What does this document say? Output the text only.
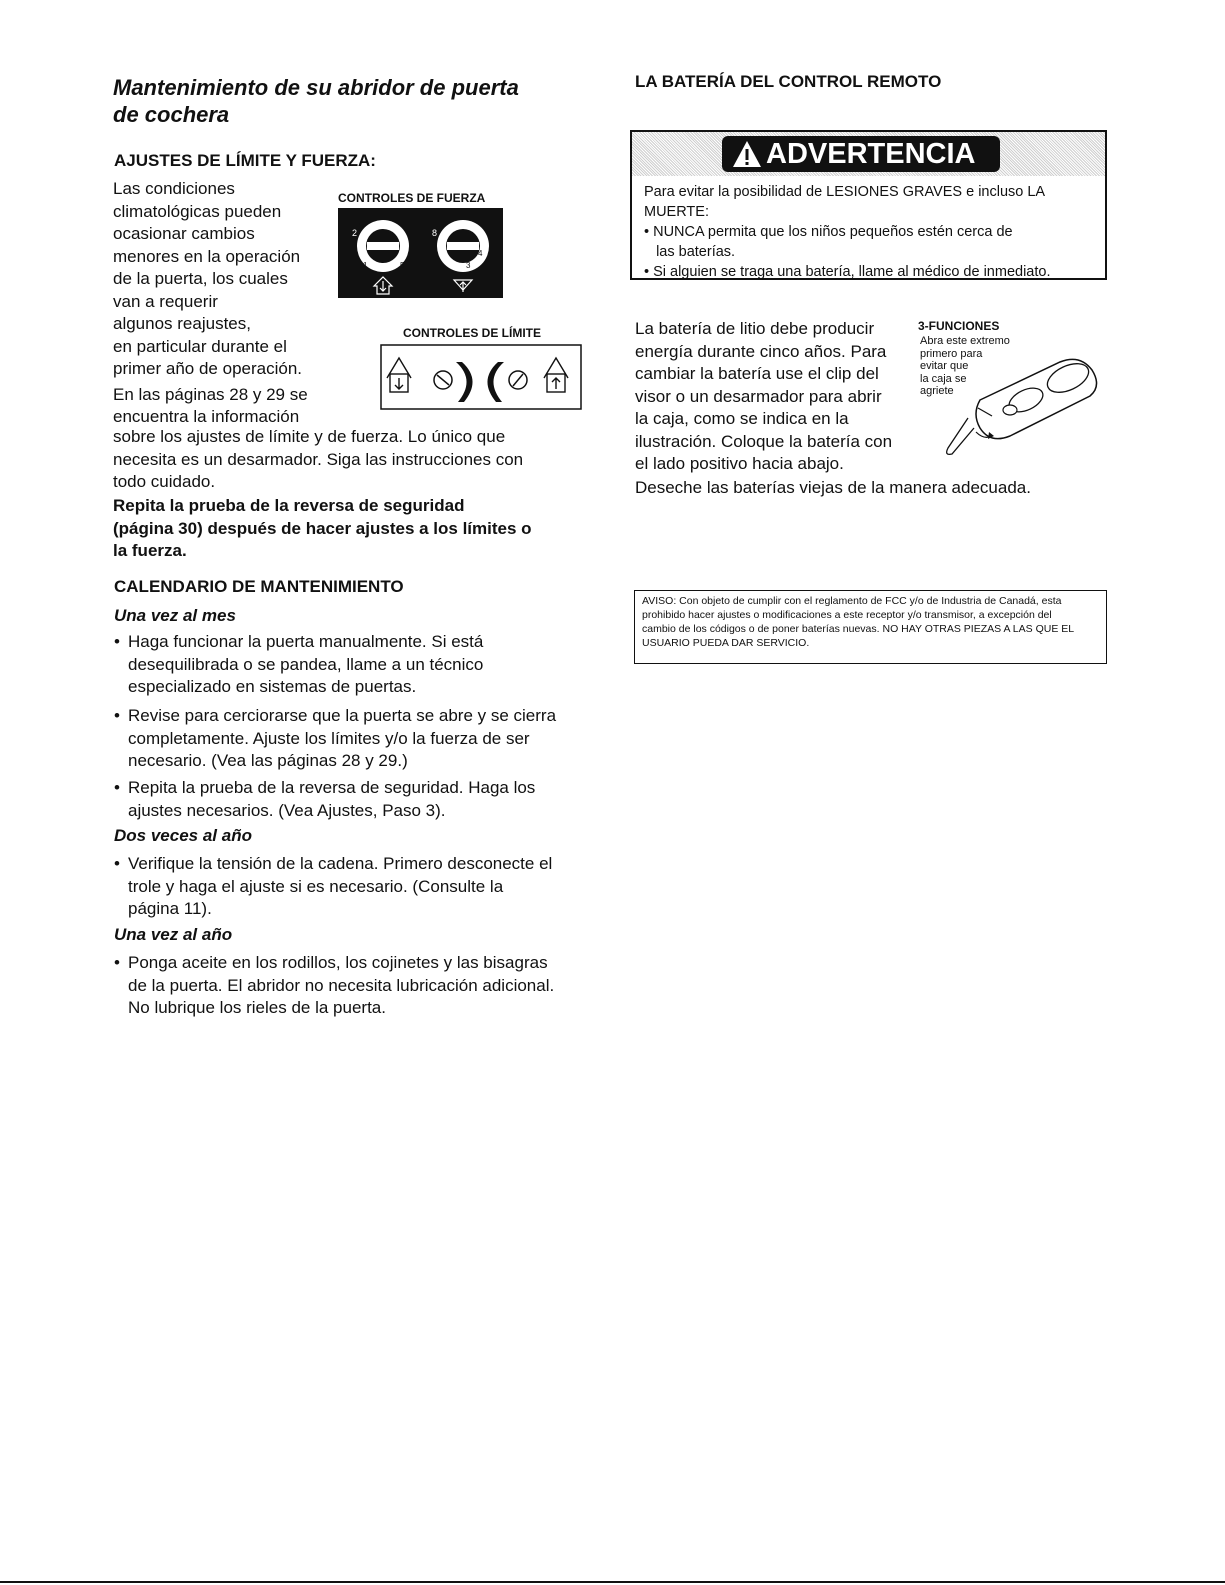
Mantenimiento de su abridor de puerta
de cochera
AJUSTES DE LÍMITE Y FUERZA:
Las condiciones
climatológicas pueden
ocasionar cambios
menores en la operación
de la puerta, los cuales
van a requerir
algunos reajustes,
en particular durante el
primer año de operación.
En las páginas 28 y 29 se
encuentra la información
sobre los ajustes de límite y de fuerza. Lo único que
necesita es un desarmador. Siga las instrucciones con
todo cuidado.
Repita la prueba de la reversa de seguridad
(página 30) después de hacer ajustes a los límites o
la fuerza.
CONTROLES DE FUERZA
2
1	5
8
3
4
CONTROLES DE LÍMITE
CALENDARIO DE MANTENIMIENTO
Una vez al mes
• Haga funcionar la puerta manualmente. Si está
desequilibrada o se pandea, llame a un técnico
especializado en sistemas de puertas.
• Revise para cerciorarse que la puerta se abre y se cierra
completamente. Ajuste los límites y/o la fuerza de ser
necesario. (Vea las páginas 28 y 29.)
• Repita la prueba de la reversa de seguridad. Haga los
ajustes necesarios. (Vea Ajustes, Paso 3).
Dos veces al año
• Verifique la tensión de la cadena. Primero desconecte el
trole y haga el ajuste si es necesario. (Consulte la
página 11).
Una vez al año
• Ponga aceite en los rodillos, los cojinetes y las bisagras
de la puerta. El abridor no necesita lubricación adicional.
No lubrique los rieles de la puerta.
LA BATERÍA DEL CONTROL REMOTO
ADVERTENCIA
Para evitar la posibilidad de LESIONES GRAVES e incluso LA MUERTE:
• NUNCA permita que los niños pequeños estén cerca de
las baterías.
• Si alguien se traga una batería, llame al médico de inmediato.
La batería de litio debe producir
energía durante cinco años. Para
cambiar la batería use el clip del
visor o un desarmador para abrir
la caja, como se indica en la
ilustración. Coloque la batería con
el lado positivo hacia abajo.
Deseche las baterías viejas de la manera adecuada.
3-FUNCIONES
Abra este extremo
primero para
evitar que
la caja se
agriete
AVISO: Con objeto de cumplir con el reglamento de FCC y/o de Industria de Canadá, esta
prohibido hacer ajustes o modificaciones a este receptor y/o transmisor, a excepción del
cambio de los códigos o de poner baterías nuevas. NO HAY OTRAS PIEZAS A LAS QUE EL
USUARIO PUEDA DAR SERVICIO.
